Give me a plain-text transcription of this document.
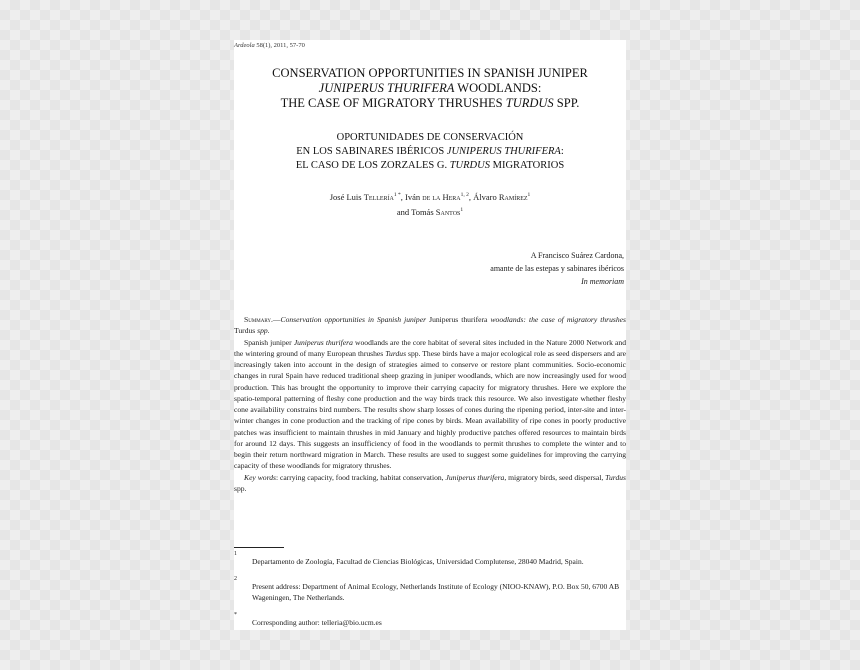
Ardeola 58(1), 2011, 57-70
CONSERVATION OPPORTUNITIES IN SPANISH JUNIPER
JUNIPERUS THURIFERA WOODLANDS:
THE CASE OF MIGRATORY THRUSHES TURDUS SPP.
OPORTUNIDADES DE CONSERVACIÓN
EN LOS SABINARES IBÉRICOS JUNIPERUS THURIFERA:
EL CASO DE LOS ZORZALES G. TURDUS MIGRATORIOS
José Luis Tellería$^{1 *}$, Iván de la Hera$^{1, 2}$, Álvaro Ramírez$^1$
and Tomás Santos$^1$
A Francisco Suárez Cardona,
amante de las estepas y sabinares ibéricos
In memoriam

Summary.—Conservation opportunities in Spanish juniper Juniperus thurifera woodlands: the case of migratory thrushes Turdus spp.

Spanish juniper Juniperus thurifera woodlands are the core habitat of several sites included in the Nature 2000 Network and the wintering ground of many European thrushes Turdus spp. These birds have a major ecological role as seed dispersers and are increasingly taken into account in the design of strategies aimed to conserve or restore plant communities. Socio-economic changes in rural Spain have reduced traditional sheep grazing in juniper woodlands, which are now increasingly used for wood production. This has brought the opportunity to improve their carrying capacity for migratory thrushes. Here we explore the spatio-temporal patterning of fleshy cone production and the way birds track this resource. We also investigate whether fleshy cone availability constrains bird numbers. The results show sharp losses of cones during the ripening period, inter-site and inter-winter changes in cone production and the tracking of ripe cones by birds. Mean availability of ripe cones in poorly productive patches was insufficient to maintain thrushes in mid January and highly productive patches offered resources to maintain birds for around 12 days. This suggests an insufficiency of food in the woodlands to permit thrushes to complete the winter and to begin their return northward migration in March. These results are used to suggest some guidelines for improving the carrying capacity of these woodlands for migratory thrushes.

Key words: carrying capacity, food tracking, habitat conservation, Juniperus thurifera, migratory birds, seed dispersal, Turdus spp.

1
Departamento de Zoología, Facultad de Ciencias Biológicas, Universidad Complutense, 28040 Madrid, Spain.
2
Present address: Department of Animal Ecology, Netherlands Institute of Ecology (NIOO-KNAW), P.O. Box 50, 6700 AB Wageningen, The Netherlands.
*
Corresponding author: telleria@bio.ucm.es
